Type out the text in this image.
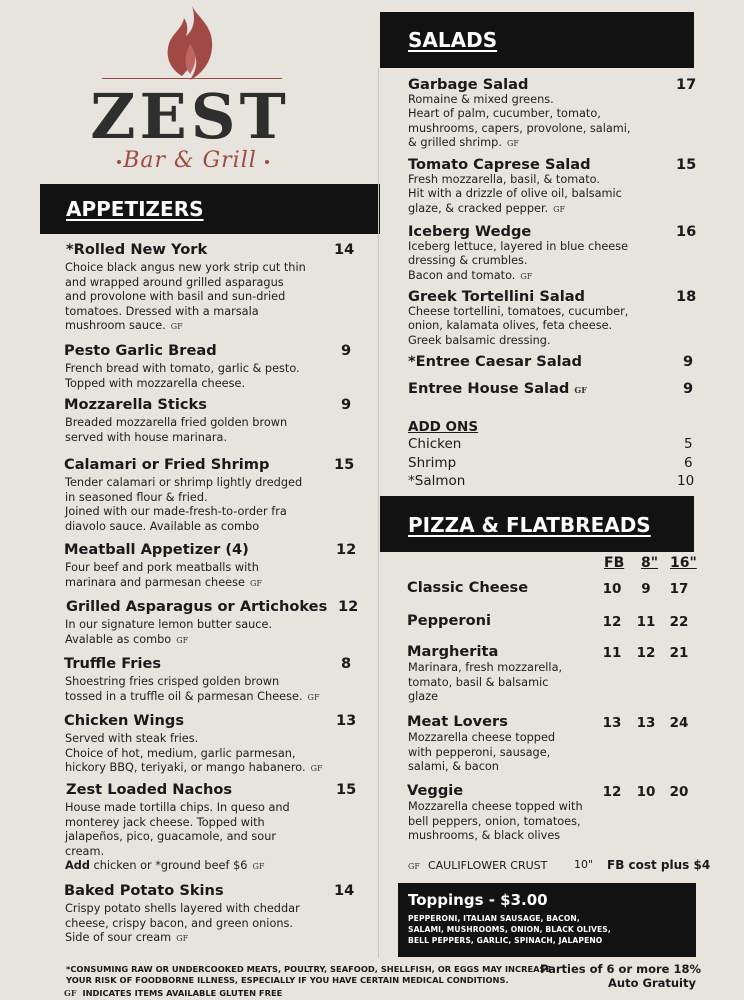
ZEST
Bar & Grill
APPETIZERS
SALADS
ADD ONS
PIZZA & FLATBREADS
FB 8" 16"
GF CAULIFLOWER CRUST 10" FB cost plus $4
Toppings - $3.00
PEPPERONI, ITALIAN SAUSAGE, BACON,
SALAMI, MUSHROOMS, ONION, BLACK OLIVES,
BELL PEPPERS, GARLIC, SPINACH, JALAPENO
*CONSUMING RAW OR UNDERCOOKED MEATS, POULTRY, SEAFOOD, SHELLFISH, OR EGGS MAY INCREASE
YOUR RISK OF FOODBORNE ILLNESS, ESPECIALLY IF YOU HAVE CERTAIN MEDICAL CONDITIONS.
GF INDICATES ITEMS AVAILABLE GLUTEN FREE
Parties of 6 or more 18%
Auto Gratuity
*Rolled New York	14
Choice black angus new york strip cut thin
and wrapped around grilled asparagus
and provolone with basil and sun-dried
tomatoes. Dressed with a marsala
mushroom sauce. GF
Pesto Garlic Bread	9
French bread with tomato, garlic & pesto.
Topped with mozzarella cheese.
Mozzarella Sticks	9
Breaded mozzarella fried golden brown
served with house marinara.
Calamari or Fried Shrimp	15
Tender calamari or shrimp lightly dredged
in seasoned flour & fried.
Joined with our made-fresh-to-order fra
diavolo sauce. Available as combo
Meatball Appetizer (4)	12
Four beef and pork meatballs with
marinara and parmesan cheese GF
Grilled Asparagus or Artichokes 12
In our signature lemon butter sauce.
Avalable as combo GF
Truffle Fries	8
Shoestring fries crisped golden brown
tossed in a truffle oil & parmesan Cheese. GF
Chicken Wings	13
Served with steak fries.
Choice of hot, medium, garlic parmesan,
hickory BBQ, teriyaki, or mango habanero. GF
Zest Loaded Nachos	15
House made tortilla chips. In queso and
monterey jack cheese. Topped with
jalapeños, pico, guacamole, and sour
cream.
Add chicken or *ground beef $6 GF
Baked Potato Skins	14
Crispy potato shells layered with cheddar
cheese, crispy bacon, and green onions.
Side of sour cream GF
Garbage Salad	17
Romaine & mixed greens.
Heart of palm, cucumber, tomato,
mushrooms, capers, provolone, salami,
& grilled shrimp. GF
Tomato Caprese Salad	15
Fresh mozzarella, basil, & tomato.
Hit with a drizzle of olive oil, balsamic
glaze, & cracked pepper. GF
Iceberg Wedge	16
Iceberg lettuce, layered in blue cheese
dressing & crumbles.
Bacon and tomato. GF
Greek Tortellini Salad	18
Cheese tortellini, tomatoes, cucumber,
onion, kalamata olives, feta cheese.
Greek balsamic dressing.
*Entree Caesar Salad	9
Entree House Salad GF	9
Chicken	5
Shrimp	6
*Salmon	10
Classic Cheese	10	9	17
Pepperoni	12 11 22
Margherita	11 12 21
Marinara, fresh mozzarella,
tomato, basil & balsamic
glaze
Meat Lovers	13 13 24
Mozzarella cheese topped
with pepperoni, sausage,
salami, & bacon
Veggie	12 10 20
Mozzarella cheese topped with
bell peppers, onion, tomatoes,
mushrooms, & black olives
